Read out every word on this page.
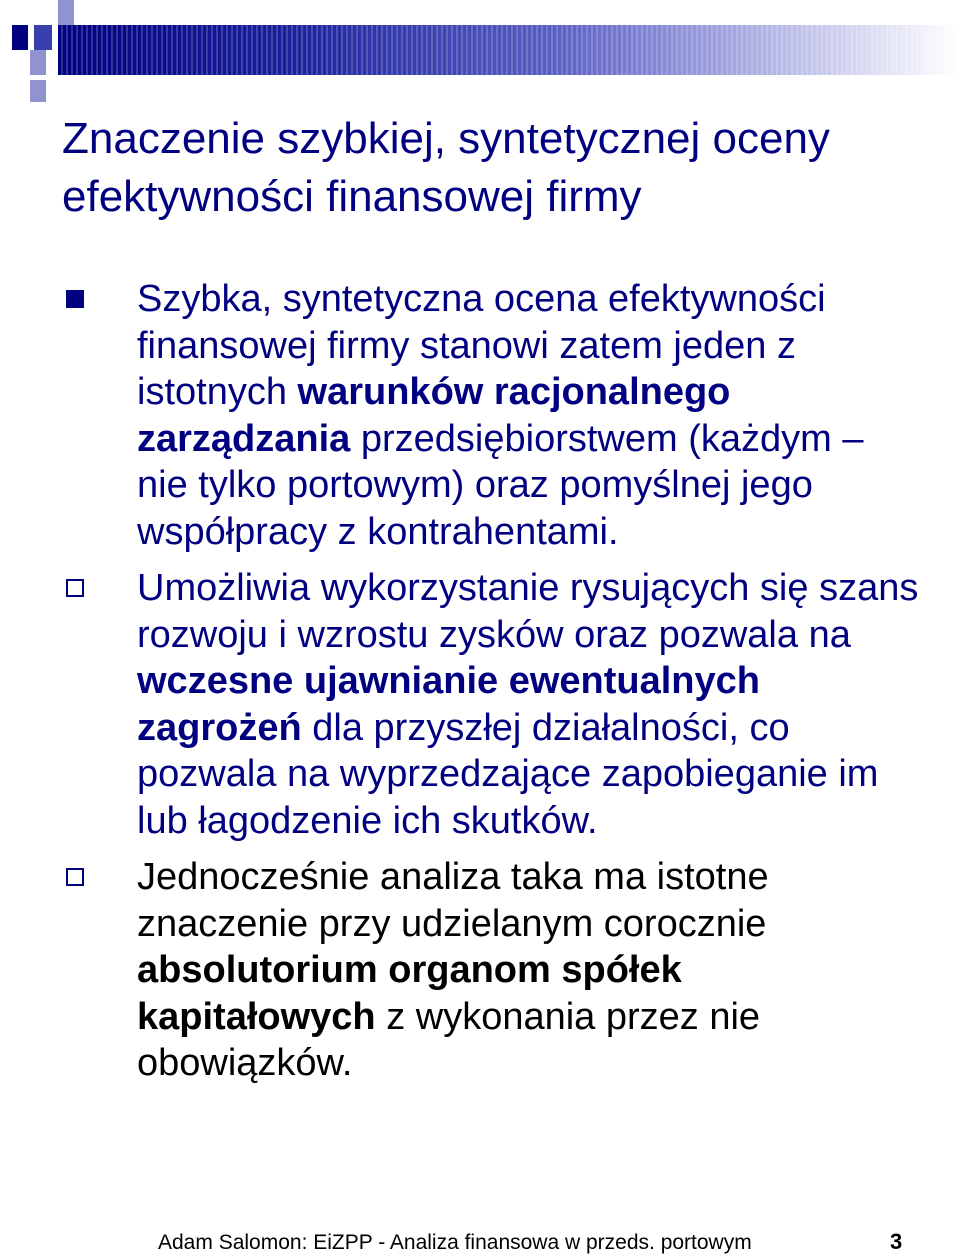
Znaczenie szybkiej, syntetycznej oceny efektywności finansowej firmy
Szybka, syntetyczna ocena efektywności finansowej firmy stanowi zatem jeden z istotnych warunków racjonalnego zarządzania przedsiębiorstwem (każdym – nie tylko portowym) oraz pomyślnej jego współpracy z kontrahentami.
Umożliwia wykorzystanie rysujących się szans rozwoju i wzrostu zysków oraz pozwala na wczesne ujawnianie ewentualnych zagrożeń dla przyszłej działalności, co pozwala na wyprzedzające zapobieganie im lub łagodzenie ich skutków.
Jednocześnie analiza taka ma istotne znaczenie przy udzielanym corocznie absolutorium organom spółek kapitałowych z wykonania przez nie obowiązków.
Adam Salomon: EiZPP - Analiza finansowa w przeds. portowym	3
